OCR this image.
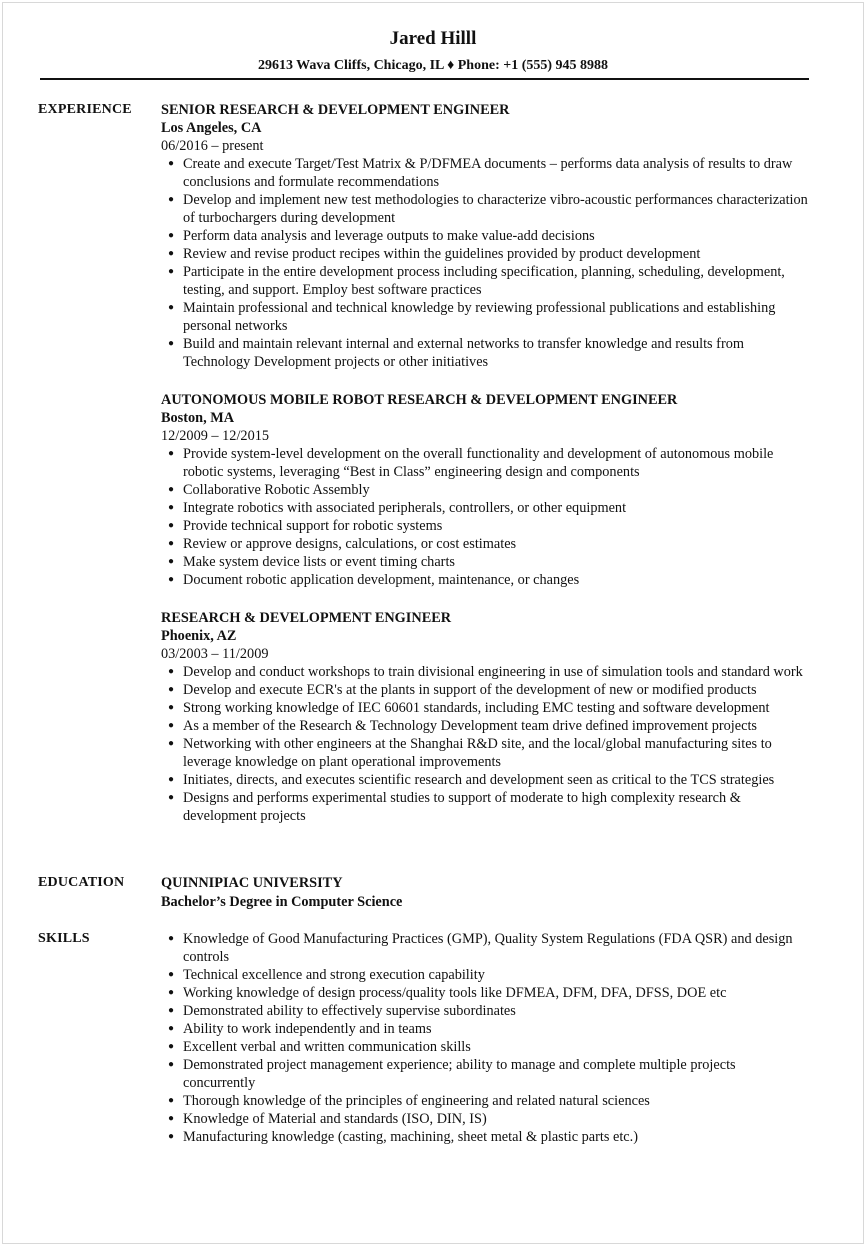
Jared Hilll
29613 Wava Cliffs, Chicago, IL ♦ Phone: +1 (555) 945 8988
EXPERIENCE SENIOR RESEARCH & DEVELOPMENT ENGINEER
Los Angeles, CA
06/2016 – present
● Create and execute Target/Test Matrix & P/DFMEA documents – performs data analysis of results to draw conclusions and formulate recommendations
● Develop and implement new test methodologies to characterize vibro-acoustic performances characterization of turbochargers during development
● Perform data analysis and leverage outputs to make value-add decisions
● Review and revise product recipes within the guidelines provided by product development
● Participate in the entire development process including specification, planning, scheduling, development, testing, and support. Employ best software practices
● Maintain professional and technical knowledge by reviewing professional publications and establishing personal networks
● Build and maintain relevant internal and external networks to transfer knowledge and results from Technology Development projects or other initiatives
AUTONOMOUS MOBILE ROBOT RESEARCH & DEVELOPMENT ENGINEER
Boston, MA
12/2009 – 12/2015
● Provide system-level development on the overall functionality and development of autonomous mobile robotic systems, leveraging “Best in Class” engineering design and components
● Collaborative Robotic Assembly
● Integrate robotics with associated peripherals, controllers, or other equipment
● Provide technical support for robotic systems
● Review or approve designs, calculations, or cost estimates
● Make system device lists or event timing charts
● Document robotic application development, maintenance, or changes
RESEARCH & DEVELOPMENT ENGINEER
Phoenix, AZ
03/2003 – 11/2009
● Develop and conduct workshops to train divisional engineering in use of simulation tools and standard work
● Develop and execute ECR's at the plants in support of the development of new or modified products
● Strong working knowledge of IEC 60601 standards, including EMC testing and software development
● As a member of the Research & Technology Development team drive defined improvement projects
● Networking with other engineers at the Shanghai R&D site, and the local/global manufacturing sites to leverage knowledge on plant operational improvements
● Initiates, directs, and executes scientific research and development seen as critical to the TCS strategies
● Designs and performs experimental studies to support of moderate to high complexity research & development projects
EDUCATION	QUINNIPIAC UNIVERSITY
Bachelor’s Degree in Computer Science
SKILLS	● Knowledge of Good Manufacturing Practices (GMP), Quality System Regulations (FDA QSR) and design controls
● Technical excellence and strong execution capability
● Working knowledge of design process/quality tools like DFMEA, DFM, DFA, DFSS, DOE etc
● Demonstrated ability to effectively supervise subordinates
● Ability to work independently and in teams
● Excellent verbal and written communication skills
● Demonstrated project management experience; ability to manage and complete multiple projects concurrently
● Thorough knowledge of the principles of engineering and related natural sciences
● Knowledge of Material and standards (ISO, DIN, IS)
● Manufacturing knowledge (casting, machining, sheet metal & plastic parts etc.)
